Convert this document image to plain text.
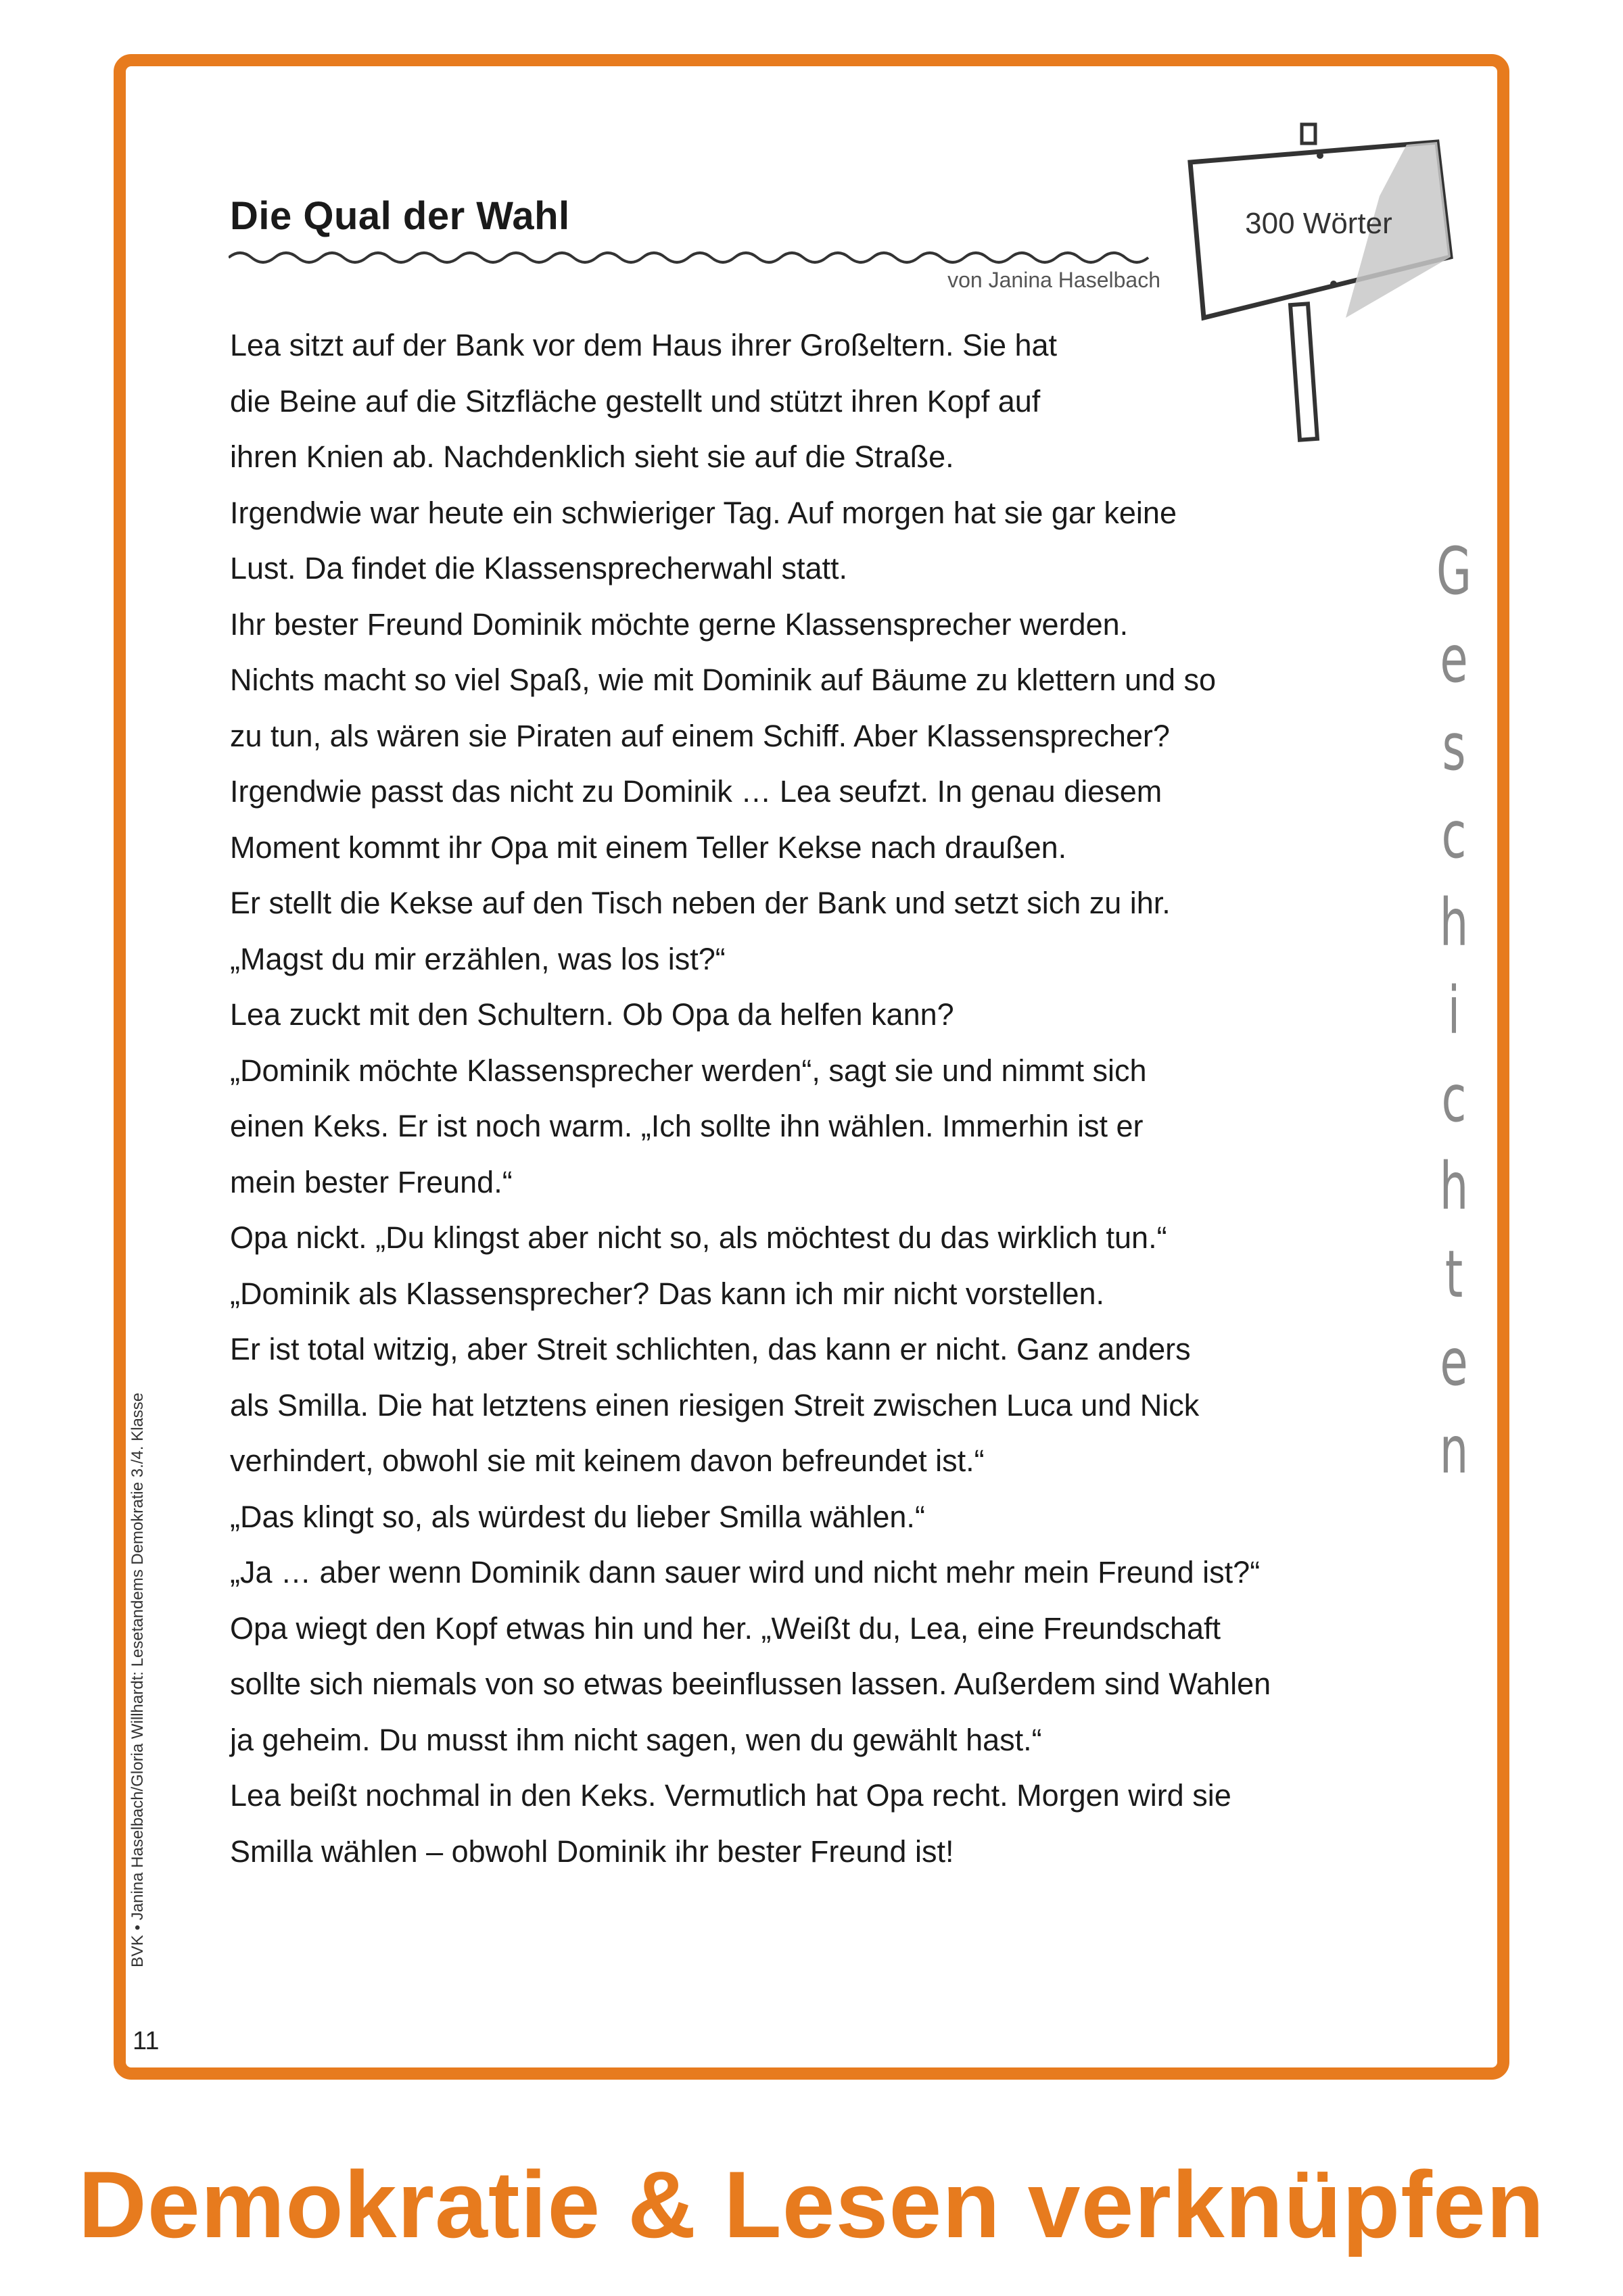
Die Qual der Wahl
von Janina Haselbach
300 Wörter
Lea sitzt auf der Bank vor dem Haus ihrer Großeltern. Sie hat
die Beine auf die Sitzfläche gestellt und stützt ihren Kopf auf
ihren Knien ab. Nachdenklich sieht sie auf die Straße.
Irgendwie war heute ein schwieriger Tag. Auf morgen hat sie gar keine
Lust. Da findet die Klassensprecherwahl statt.
Ihr bester Freund Dominik möchte gerne Klassensprecher werden.
Nichts macht so viel Spaß, wie mit Dominik auf Bäume zu klettern und so
zu tun, als wären sie Piraten auf einem Schiff. Aber Klassensprecher?
Irgendwie passt das nicht zu Dominik … Lea seufzt. In genau diesem
Moment kommt ihr Opa mit einem Teller Kekse nach draußen.
Er stellt die Kekse auf den Tisch neben der Bank und setzt sich zu ihr.
„Magst du mir erzählen, was los ist?“
Lea zuckt mit den Schultern. Ob Opa da helfen kann?
„Dominik möchte Klassensprecher werden“, sagt sie und nimmt sich
einen Keks. Er ist noch warm. „Ich sollte ihn wählen. Immerhin ist er
mein bester Freund.“
Opa nickt. „Du klingst aber nicht so, als möchtest du das wirklich tun.“
„Dominik als Klassensprecher? Das kann ich mir nicht vorstellen.
Er ist total witzig, aber Streit schlichten, das kann er nicht. Ganz anders
als Smilla. Die hat letztens einen riesigen Streit zwischen Luca und Nick
verhindert, obwohl sie mit keinem davon befreundet ist.“
„Das klingt so, als würdest du lieber Smilla wählen.“
„Ja … aber wenn Dominik dann sauer wird und nicht mehr mein Freund ist?“
Opa wiegt den Kopf etwas hin und her. „Weißt du, Lea, eine Freundschaft
sollte sich niemals von so etwas beeinflussen lassen. Außerdem sind Wahlen
ja geheim. Du musst ihm nicht sagen, wen du gewählt hast.“
Lea beißt nochmal in den Keks. Vermutlich hat Opa recht. Morgen wird sie
Smilla wählen – obwohl Dominik ihr bester Freund ist!
G
e
s
c
h
i
c
h
t
e
n
BVK • Janina Haselbach/Gloria Willhardt: Lesetandems Demokratie 3./4. Klasse
11
Demokratie & Lesen verknüpfen
